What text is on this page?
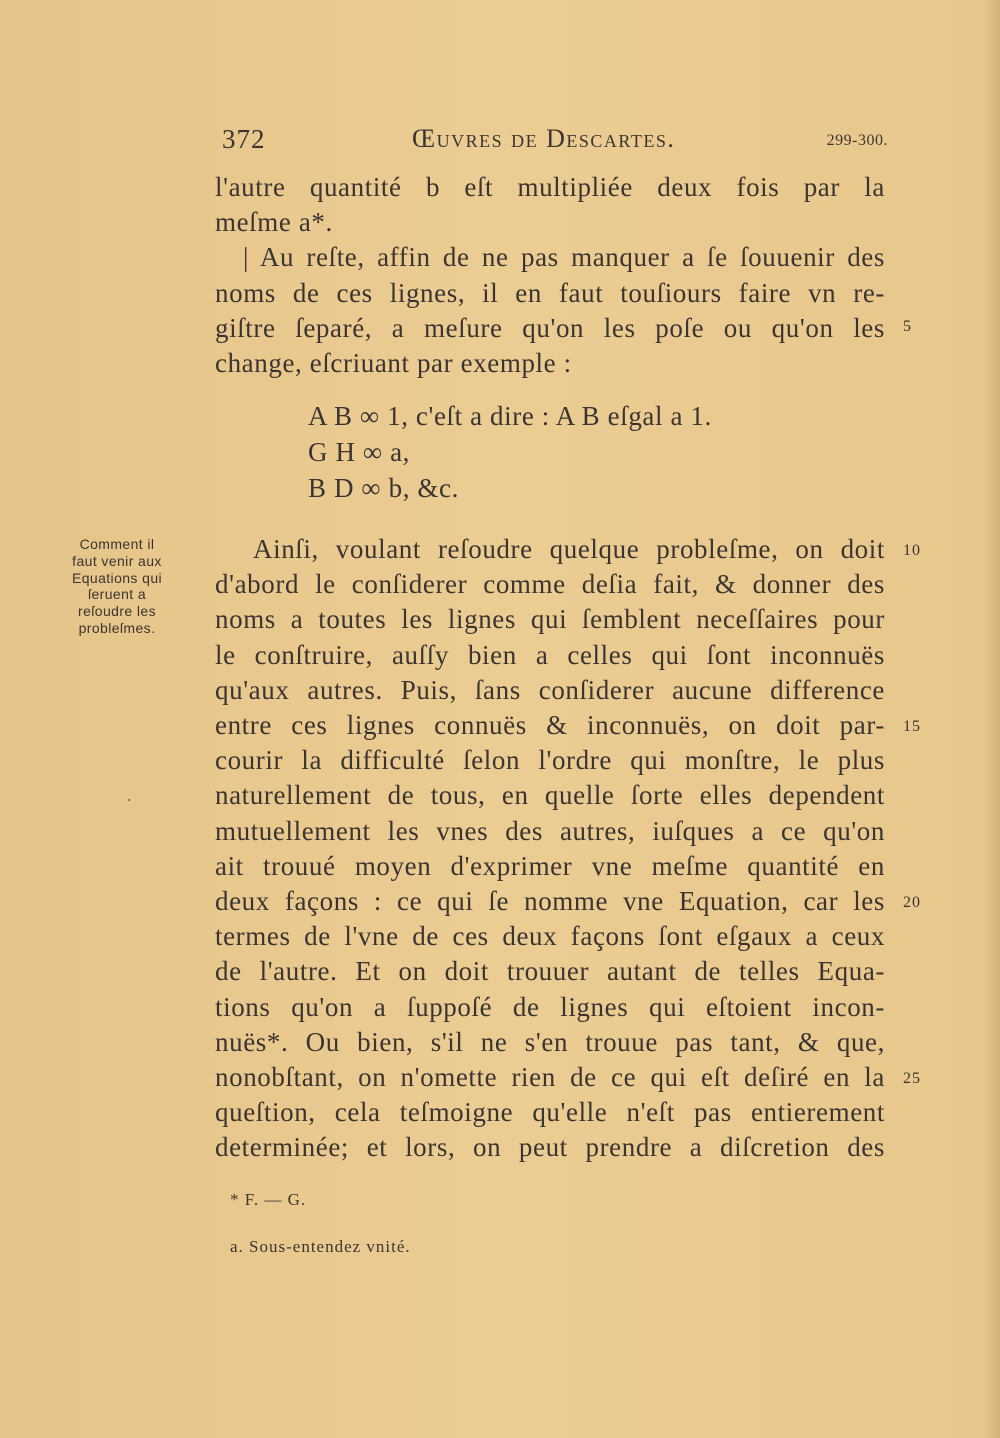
372	Œuvres de Descartes.	299-300.
l'autre quantité b eſt multipliée deux fois par la
meſme a*.
| Au reſte, affin de ne pas manquer a ſe ſouuenir des
noms de ces lignes, il en faut touſiours faire vn re-
giſtre ſeparé, a meſure qu'on les poſe ou qu'on les
change, eſcriuant par exemple :
A B ∞ 1, c'eſt a dire : A B eſgal a 1.
G H ∞ a,
B D ∞ b, &c.
Comment il
faut venir aux
Equations qui
ſeruent a
reſoudre les
probleſmes.
Ainſi, voulant reſoudre quelque probleſme, on doit
d'abord le conſiderer comme deſia fait, & donner des
noms a toutes les lignes qui ſemblent neceſſaires pour
le conſtruire, auſſy bien a celles qui ſont inconnuës
qu'aux autres. Puis, ſans conſiderer aucune difference
entre ces lignes connuës & inconnuës, on doit par-
courir la difficulté ſelon l'ordre qui monſtre, le plus
naturellement de tous, en quelle ſorte elles dependent
mutuellement les vnes des autres, iuſques a ce qu'on
ait trouué moyen d'exprimer vne meſme quantité en
deux façons : ce qui ſe nomme vne Equation, car les
termes de l'vne de ces deux façons ſont eſgaux a ceux
de l'autre. Et on doit trouuer autant de telles Equa-
tions qu'on a ſuppoſé de lignes qui eſtoient incon-
nuës*. Ou bien, s'il ne s'en trouue pas tant, & que,
nonobſtant, on n'omette rien de ce qui eſt deſiré en la
queſtion, cela teſmoigne qu'elle n'eſt pas entierement
determinée; et lors, on peut prendre a diſcretion des
5
10
15
20
25
* F. — G.
a. Sous-entendez vnité.
